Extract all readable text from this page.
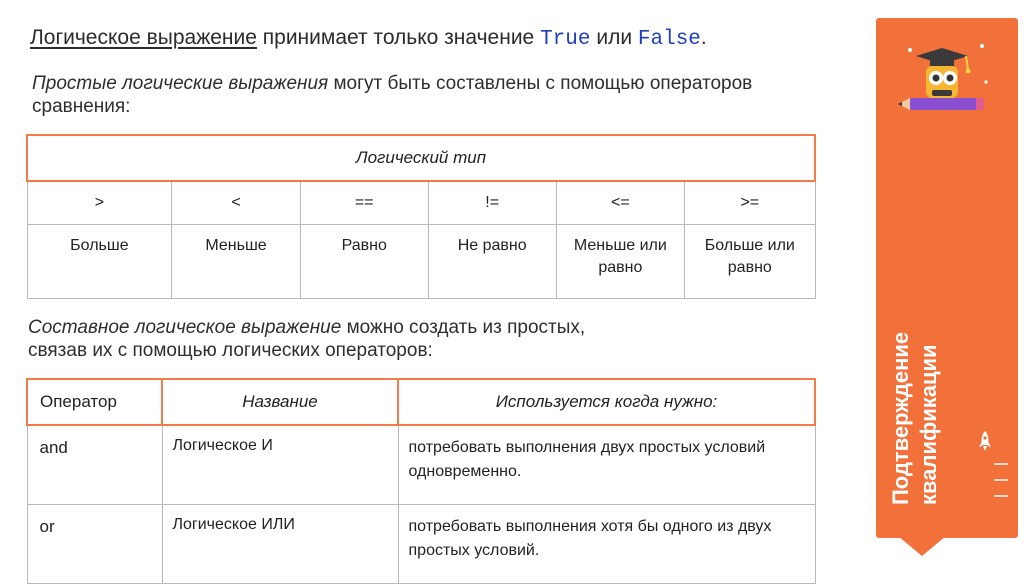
Логическое выражение принимает только значение True или False.
Простые логические выражения могут быть составлены с помощью операторов сравнения:
Логический тип					
>	<	==	!=	<=	>=
Больше	Меньше	Равно	Не равно	Меньше или равно	Больше или равно
Составное логическое выражение можно создать из простых,
связав их с помощью логических операторов:
Оператор	Название	Используется когда нужно:
and	Логическое И	потребовать выполнения двух простых условий одновременно.
or	Логическое ИЛИ	потребовать выполнения хотя бы одного из двух простых условий.
Подтверждение квалификации
